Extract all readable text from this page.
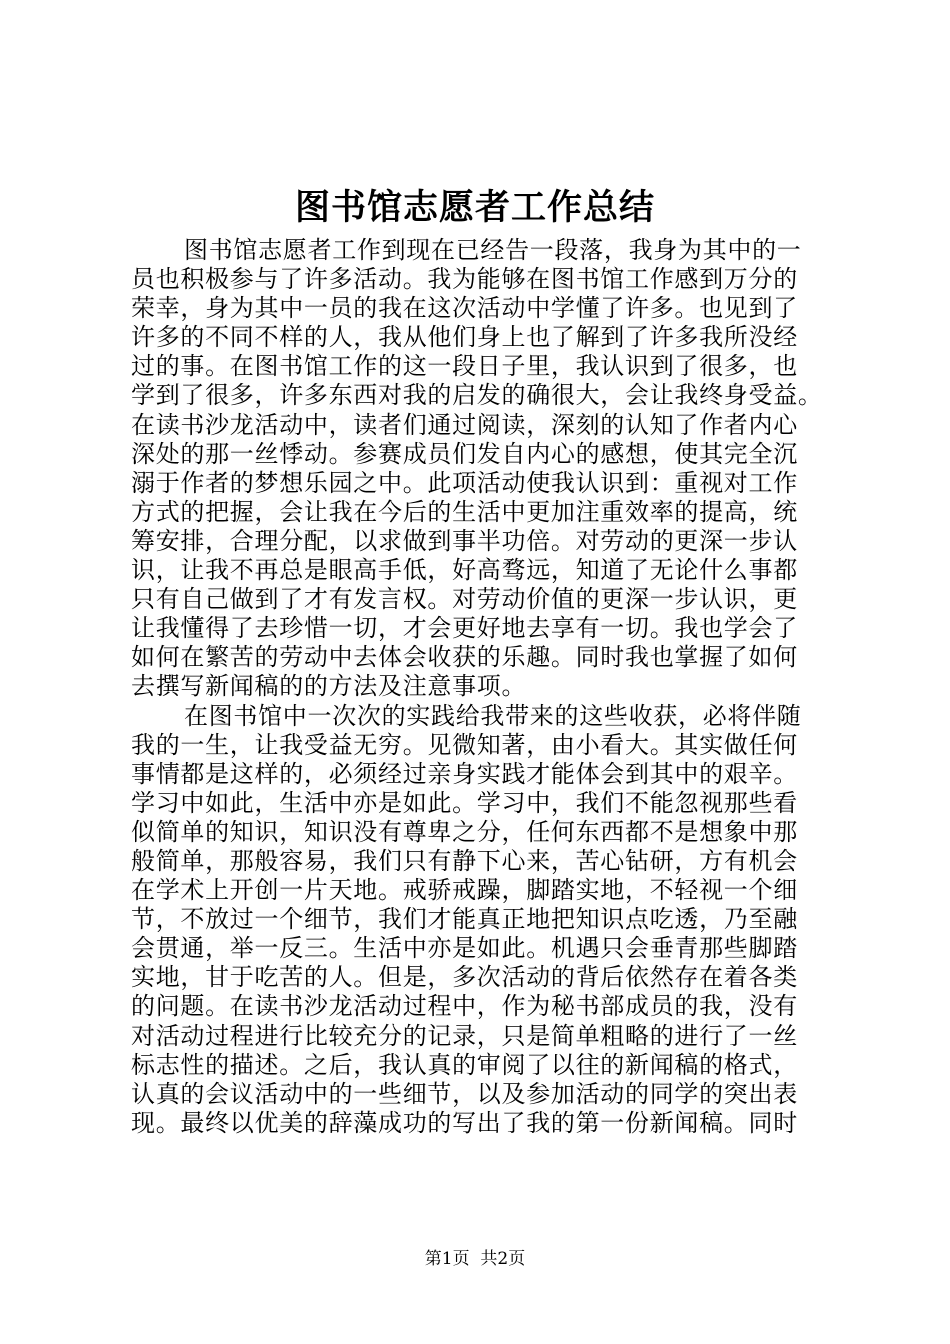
图书馆志愿者工作总结
图书馆志愿者工作到现在已经告一段落，我身为其中的一
员也积极参与了许多活动。我为能够在图书馆工作感到万分的
荣幸，身为其中一员的我在这次活动中学懂了许多。也见到了
许多的不同不样的人，我从他们身上也了解到了许多我所没经
过的事。在图书馆工作的这一段日子里，我认识到了很多，也
学到了很多，许多东西对我的启发的确很大，会让我终身受益。
在读书沙龙活动中，读者们通过阅读，深刻的认知了作者内心
深处的那一丝悸动。参赛成员们发自内心的感想，使其完全沉
溺于作者的梦想乐园之中。此项活动使我认识到：重视对工作
方式的把握，会让我在今后的生活中更加注重效率的提高，统
筹安排，合理分配，以求做到事半功倍。对劳动的更深一步认
识，让我不再总是眼高手低，好高骛远，知道了无论什么事都
只有自己做到了才有发言权。对劳动价值的更深一步认识，更
让我懂得了去珍惜一切，才会更好地去享有一切。我也学会了
如何在繁苦的劳动中去体会收获的乐趣。同时我也掌握了如何
去撰写新闻稿的的方法及注意事项。
在图书馆中一次次的实践给我带来的这些收获，必将伴随
我的一生，让我受益无穷。见微知著，由小看大。其实做任何
事情都是这样的，必须经过亲身实践才能体会到其中的艰辛。
学习中如此，生活中亦是如此。学习中，我们不能忽视那些看
似简单的知识，知识没有尊卑之分，任何东西都不是想象中那
般简单，那般容易，我们只有静下心来，苦心钻研，方有机会
在学术上开创一片天地。戒骄戒躁，脚踏实地，不轻视一个细
节，不放过一个细节，我们才能真正地把知识点吃透，乃至融
会贯通，举一反三。生活中亦是如此。机遇只会垂青那些脚踏
实地，甘于吃苦的人。但是，多次活动的背后依然存在着各类
的问题。在读书沙龙活动过程中，作为秘书部成员的我，没有
对活动过程进行比较充分的记录，只是简单粗略的进行了一丝
标志性的描述。之后，我认真的审阅了以往的新闻稿的格式，
认真的会议活动中的一些细节，以及参加活动的同学的突出表
现。最终以优美的辞藻成功的写出了我的第一份新闻稿。同时
第1页  共2页
